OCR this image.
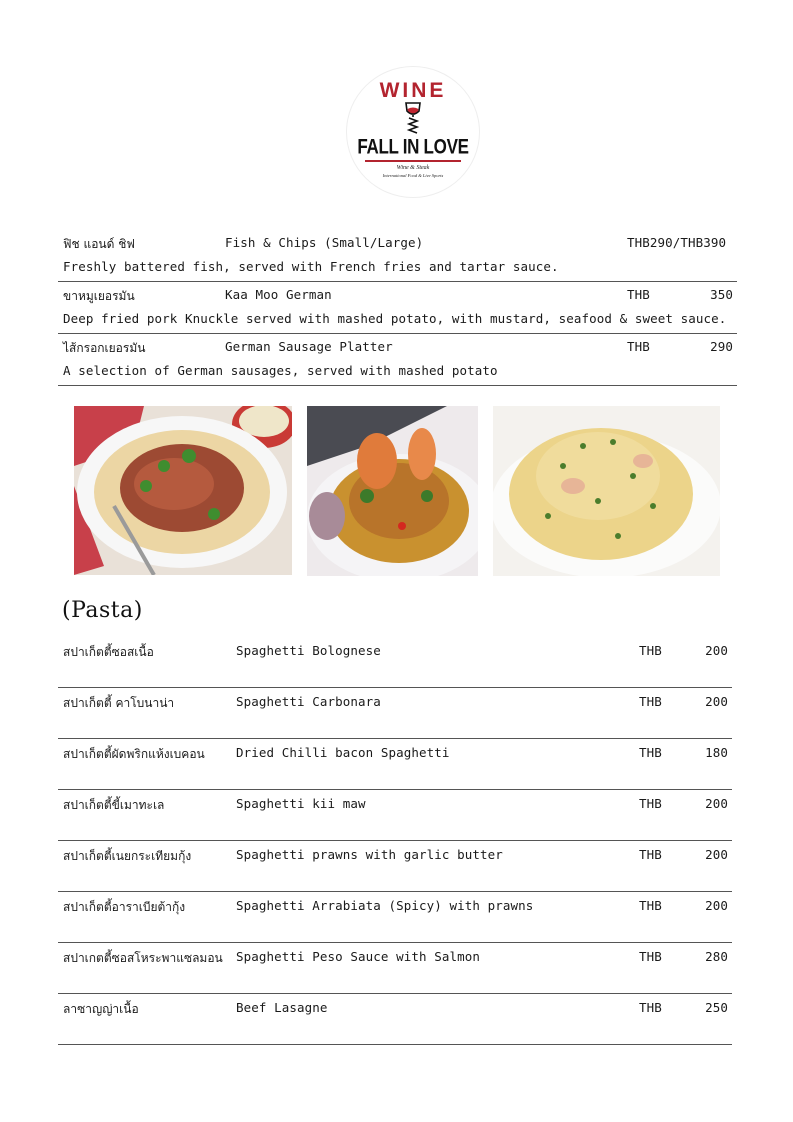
WINE
FALL IN LOVE
Wine & Steak
International Food & Live Sports
ฟิช แอนด์ ชิฟ	Fish & Chips (Small/Large)	THB290/THB390
Freshly battered fish, served with French fries and tartar sauce.
ขาหมูเยอรมัน	Kaa Moo German	THB	350
Deep fried pork Knuckle served with mashed potato, with mustard, seafood & sweet sauce.
ไส้กรอกเยอรมัน	German Sausage Platter	THB	290
A selection of German sausages, served with mashed potato
(Pasta)
สปาเก็ตตี้ซอสเนื้อ	Spaghetti Bolognese	THB	200
สปาเก็ตตี้ คาโบนาน่า	Spaghetti Carbonara	THB	200
สปาเก็ตตี้ผัดพริกแห้งเบคอน	Dried Chilli bacon Spaghetti	THB	180
สปาเก็ตตี้ขี้เมาทะเล	Spaghetti kii maw	THB	200
สปาเก็ตตี้เนยกระเทียมกุ้ง	Spaghetti prawns with garlic butter	THB	200
สปาเก็ตตี้อาราเบียต้ากุ้ง	Spaghetti Arrabiata (Spicy) with prawns	THB	200
สปาเกตตี้ซอสโหระพาแซลมอน Spaghetti Peso Sauce with Salmon	THB	280
ลาซาญญ่าเนื้อ	Beef Lasagne	THB	250
